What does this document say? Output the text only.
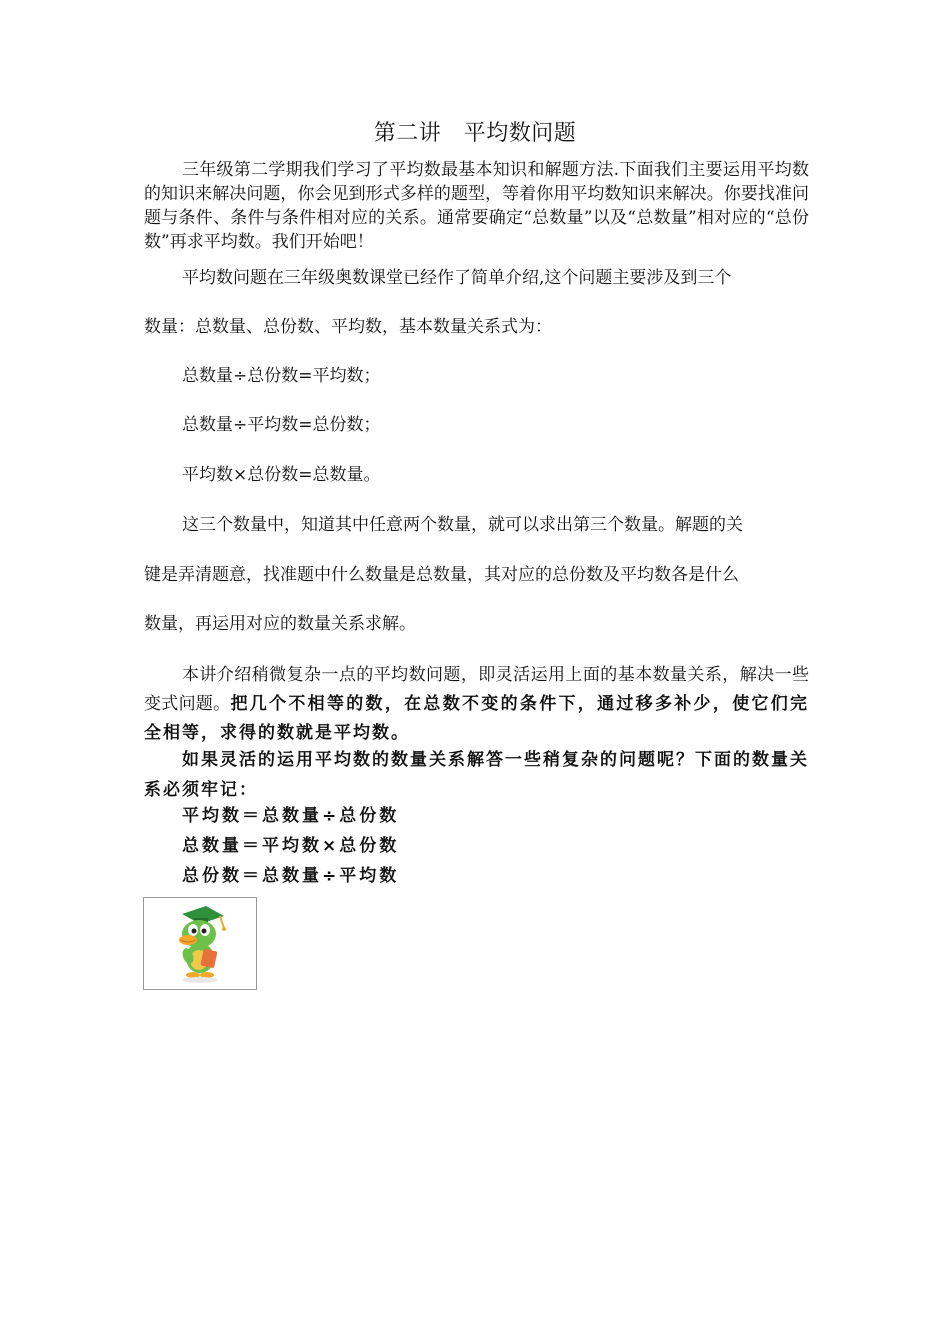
第二讲　平均数问题

三年级第二学期我们学习了平均数最基本知识和解题方法.下面我们主要运用平均数的知识来解决问题，你会见到形式多样的题型，等着你用平均数知识来解决。你要找准问题与条件、条件与条件相对应的关系。通常要确定“总数量”以及“总数量”相对应的“总份数”再求平均数。我们开始吧！

平均数问题在三年级奥数课堂已经作了简单介绍,这个问题主要涉及到三个

数量：总数量、总份数、平均数，基本数量关系式为：

总数量÷总份数=平均数；

总数量÷平均数=总份数；

平均数×总份数=总数量。

这三个数量中，知道其中任意两个数量，就可以求出第三个数量。解题的关

键是弄清题意，找准题中什么数量是总数量，其对应的总份数及平均数各是什么

数量，再运用对应的数量关系求解。

本讲介绍稍微复杂一点的平均数问题，即灵活运用上面的基本数量关系，解决一些变式问题。把几个不相等的数，在总数不变的条件下，通过移多补少，使它们完全相等，求得的数就是平均数。

如果灵活的运用平均数的数量关系解答一些稍复杂的问题呢？下面的数量关系必须牢记：

平均数＝总数量÷总份数

总数量＝平均数×总份数

总份数＝总数量÷平均数
